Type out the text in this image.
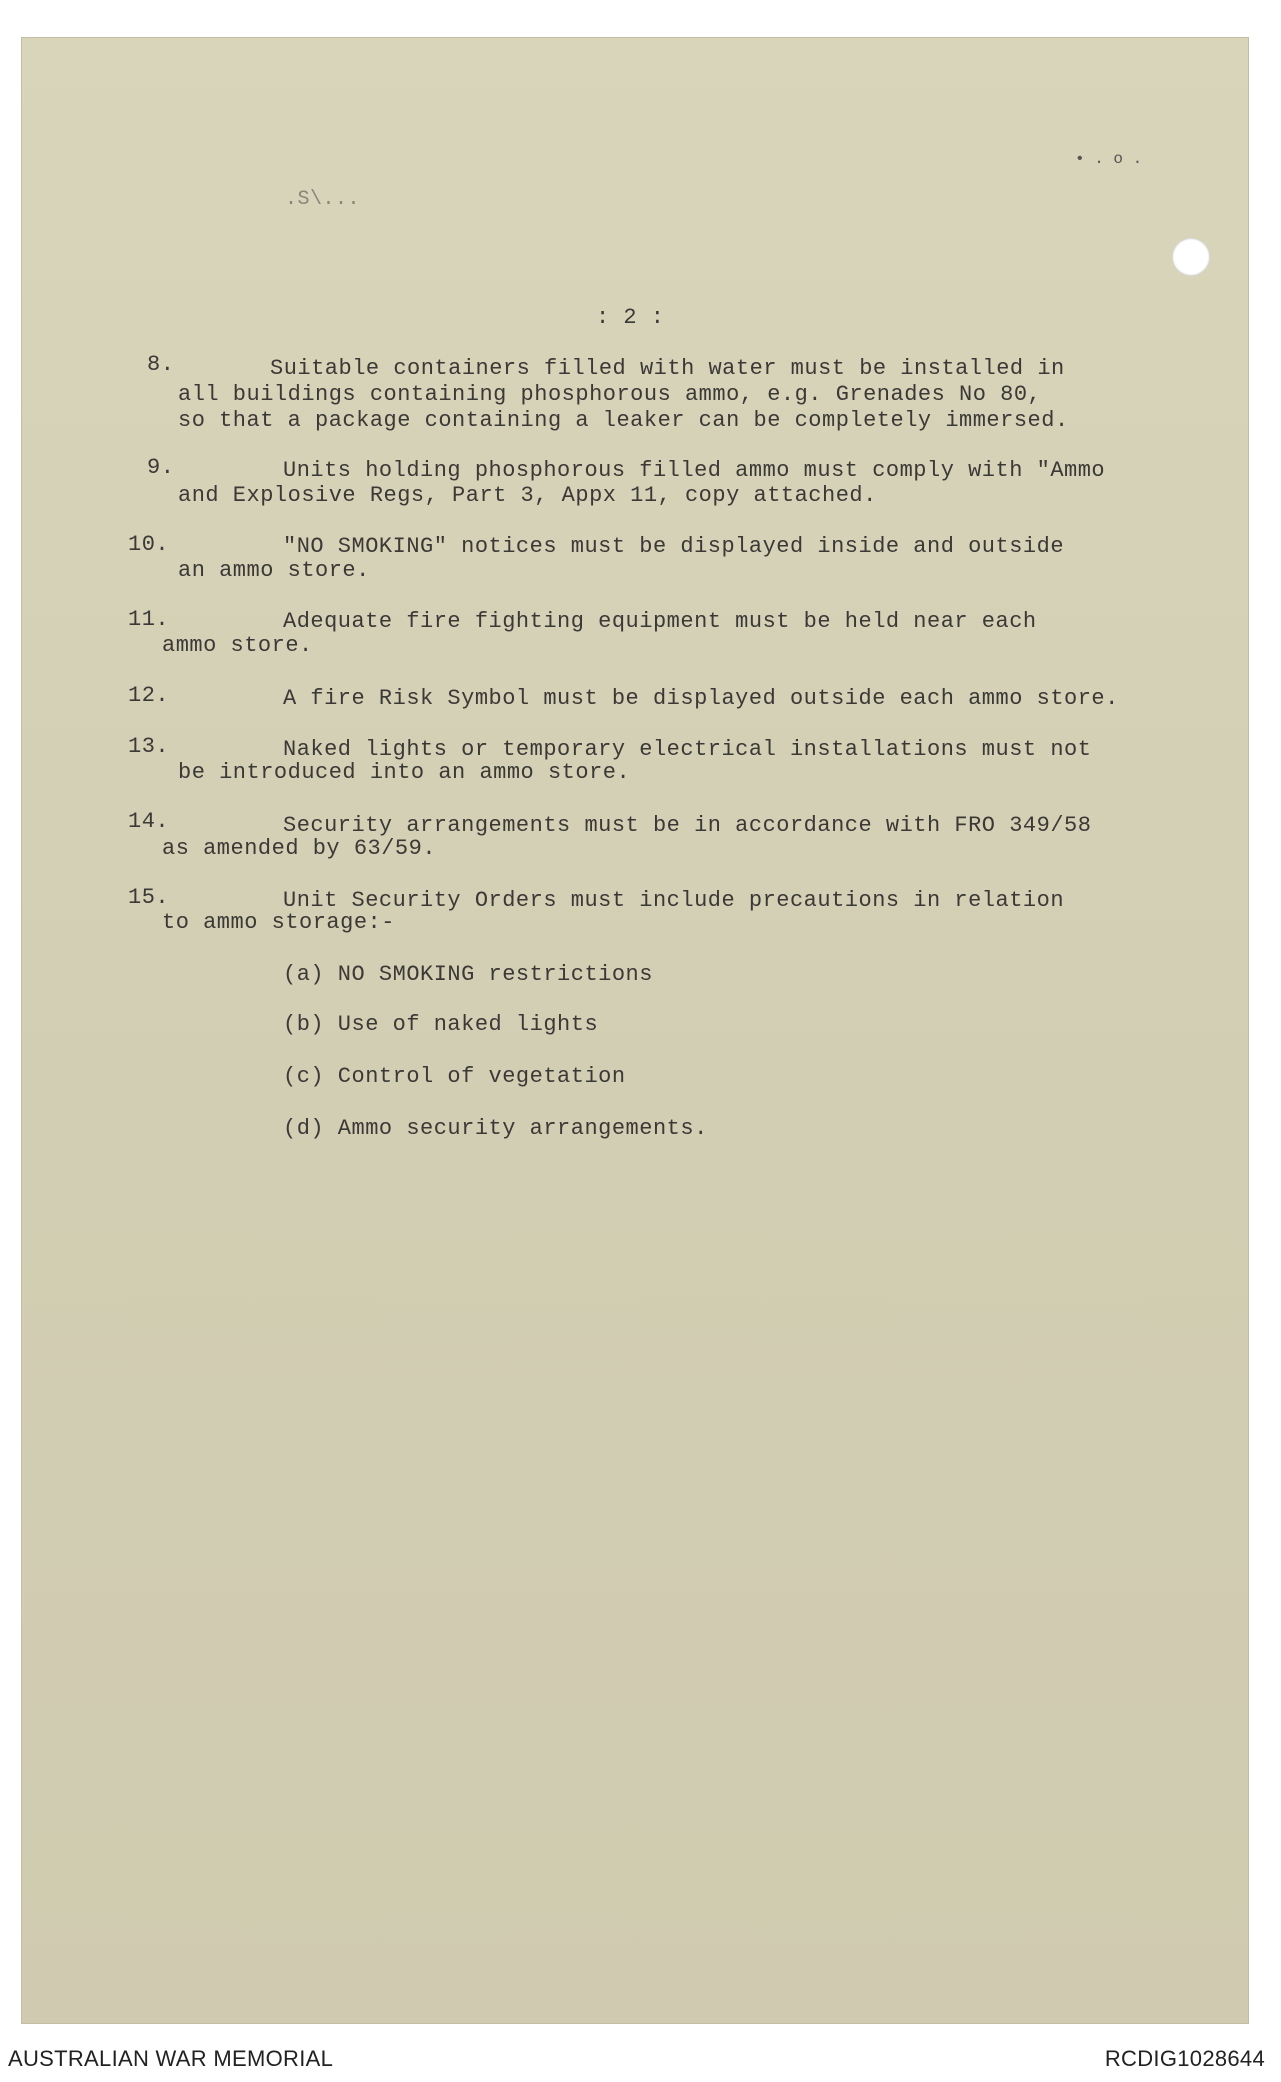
.S\...
• . o .
: 2 :
8.	Suitable containers filled with water must be installed in
all buildings containing phosphorous ammo, e.g. Grenades No 80,
so that a package containing a leaker can be completely immersed.
9.	Units holding phosphorous filled ammo must comply with "Ammo
and Explosive Regs, Part 3, Appx 11, copy attached.
10.	"NO SMOKING" notices must be displayed inside and outside
an ammo store.
11.	Adequate fire fighting equipment must be held near each
ammo store.
12.	A fire Risk Symbol must be displayed outside each ammo store.
13.	Naked lights or temporary electrical installations must not
be introduced into an ammo store.
14.	Security arrangements must be in accordance with FRO 349/58
as amended by 63/59.
15.	Unit Security Orders must include precautions in relation
to ammo storage:-
(a) NO SMOKING restrictions
(b) Use of naked lights
(c) Control of vegetation
(d) Ammo security arrangements.
AUSTRALIAN WAR MEMORIAL	RCDIG1028644
